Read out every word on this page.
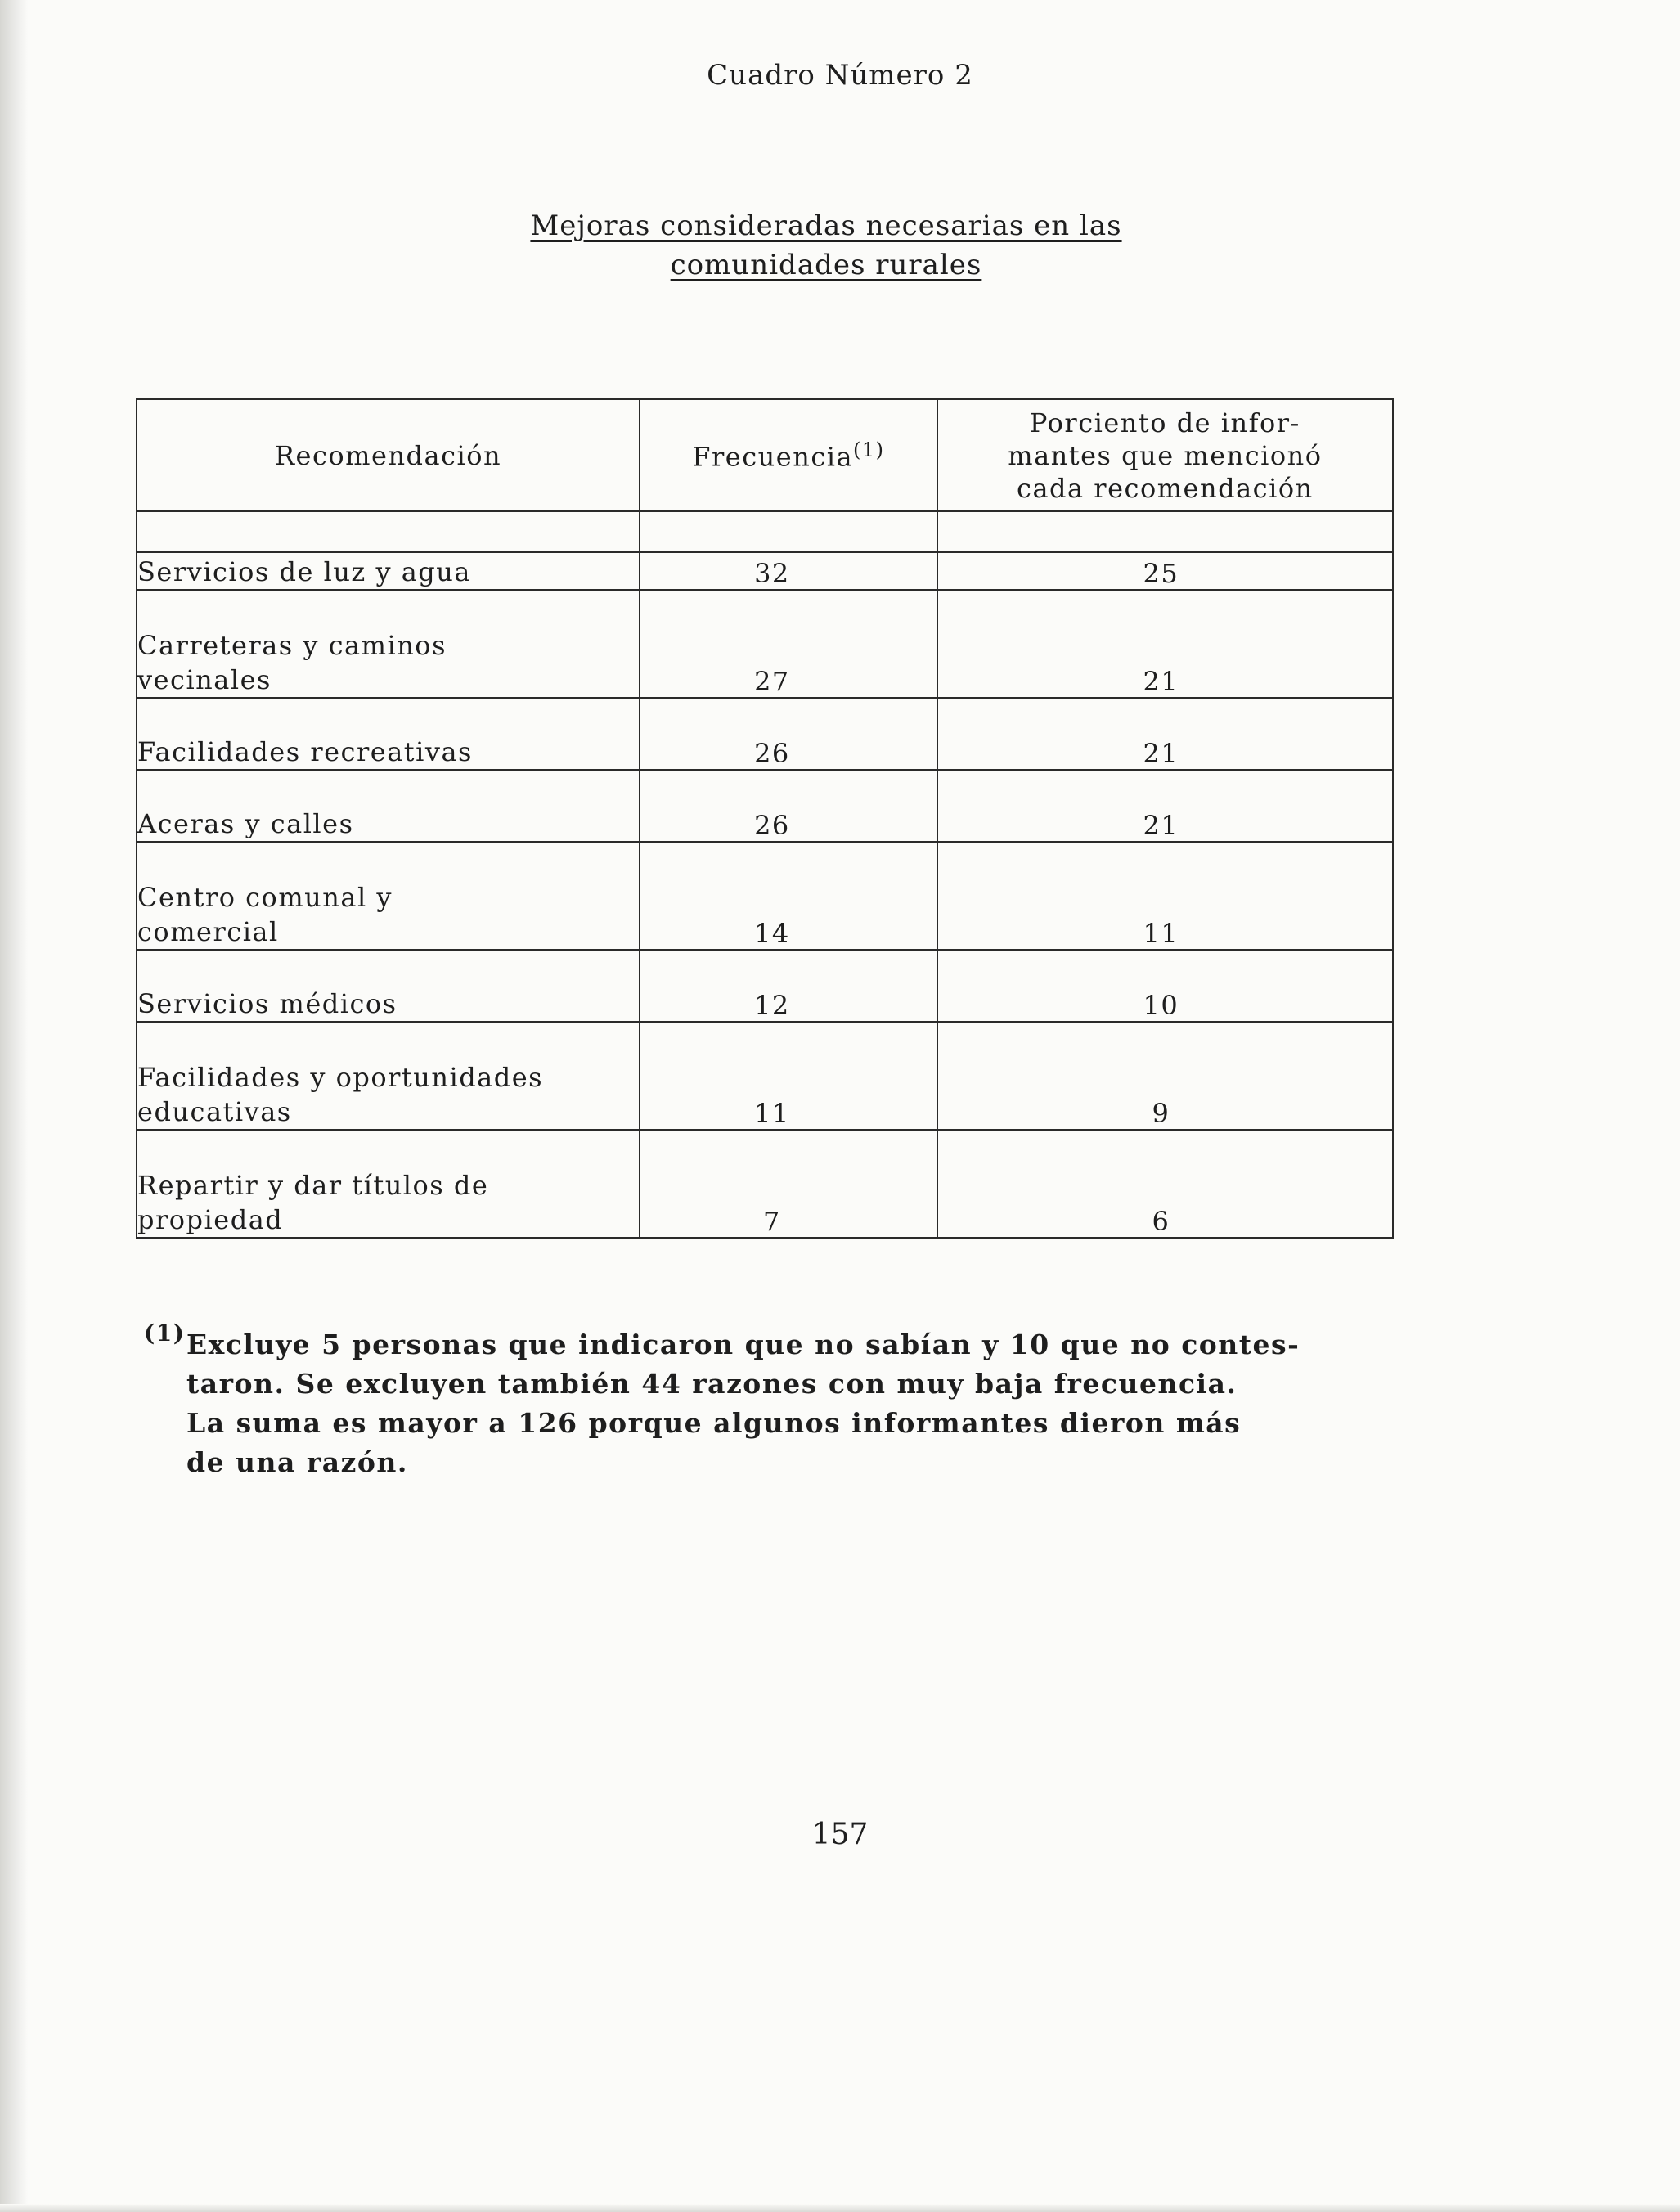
Cuadro Número 2
Mejoras consideradas necesarias en las
comunidades rurales
Recomendación	Frecuencia$^{(1)}$	Porciento de infor-
mantes que mencionó
cada recomendación

Servicios de luz y agua	32	25
Carreteras y caminos
vecinales	27	21
Facilidades recreativas	26	21
Aceras y calles	26	21
Centro comunal y
comercial	14	11
Servicios médicos	12	10
Facilidades y oportunidades
educativas	11	9
Repartir y dar títulos de
propiedad	7	6
(1) Excluye 5 personas que indicaron que no sabían y 10 que no contes-
taron. Se excluyen también 44 razones con muy baja frecuencia.
La suma es mayor a 126 porque algunos informantes dieron más
de una razón.
157
